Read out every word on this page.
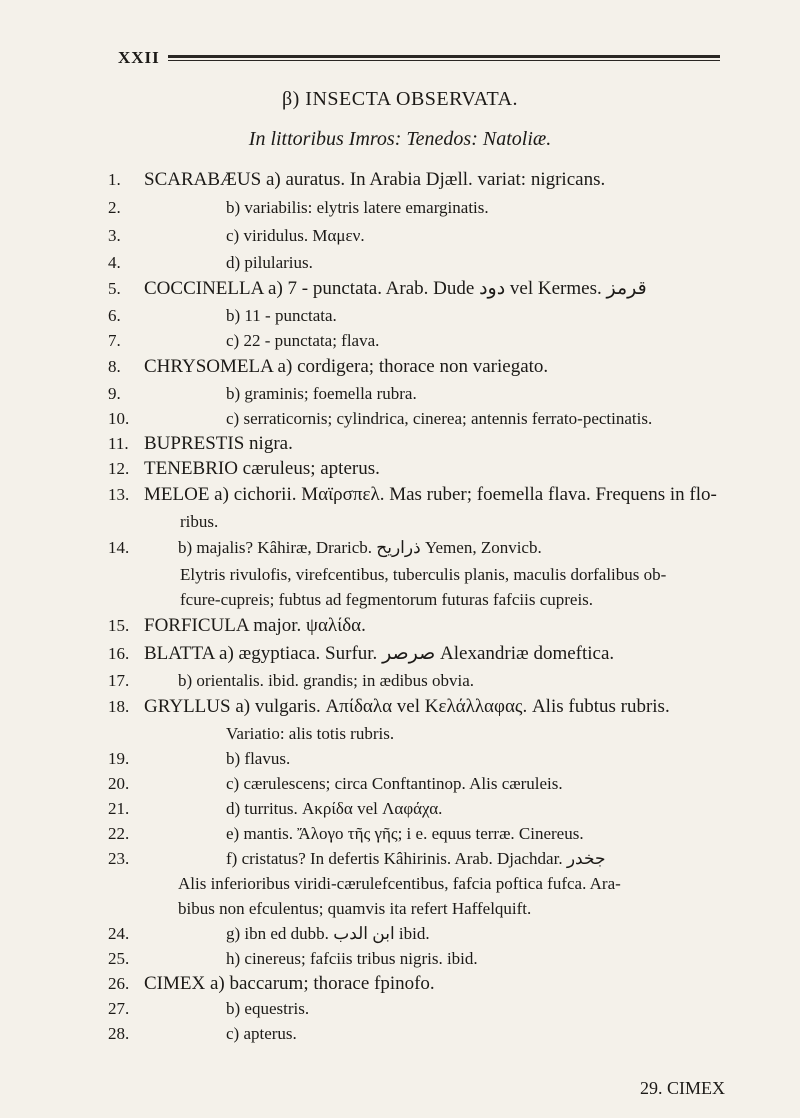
XXII
β) INSECTA OBSERVATA.
In littoribus Imros: Tenedos: Natoliæ.
1.	SCARABÆUS a) auratus. In Arabia Djæll. variat: nigricans.
2.	b) variabilis: elytris latere emarginatis.
3.	c) viridulus. Μαμεν.
4.	d) pilularius.
5.	COCCINELLA a) 7 - punctata. Arab. Dude دود vel Kermes. قرمز
6.	b) 11 - punctata.
7.	c) 22 - punctata; flava.
8.	CHRYSOMELA a) cordigera; thorace non variegato.
9.	b) graminis; foemella rubra.
10.	c) serraticornis; cylindrica, cinerea; antennis ferrato-pectinatis.
11. BUPRESTIS nigra.
12. TENEBRIO cæruleus; apterus.
13. MELOE a) cichorii. Μαϊρσπελ. Mas ruber; foemella flava. Frequens in flo-
ribus.
14.	b) majalis? Kâhiræ, Draricb. ذراريح Yemen, Zonvicb.
Elytris rivulofis, virefcentibus, tuberculis planis, maculis dorfalibus ob-
fcure-cupreis; fubtus ad fegmentorum futuras fafciis cupreis.
15. FORFICULA major. ψαλίδα.
16. BLATTA a) ægyptiaca. Surfur. صرصر Alexandriæ domeftica.
17.	b) orientalis. ibid. grandis; in ædibus obvia.
18. GRYLLUS a) vulgaris. Απίδαλα vel Κελάλλαφας. Alis fubtus rubris.
Variatio: alis totis rubris.
19.	b) flavus.
20.	c) cærulescens; circa Conftantinop. Alis cæruleis.
21.	d) turritus. Ακρίδα vel Λαφάχα.
22.	e) mantis. Ἄλογο τῆς γῆς; i e. equus terræ. Cinereus.
23.	f) cristatus? In defertis Kâhirinis. Arab. Djachdar. جخدر
Alis inferioribus viridi-cærulefcentibus, fafcia poftica fufca. Ara-
bibus non efculentus; quamvis ita refert Haffelquift.
24.	g) ibn ed dubb. ابن الدب ibid.
25.	h) cinereus; fafciis tribus nigris. ibid.
26. CIMEX a) baccarum; thorace fpinofo.
27.	b) equestris.
28.	c) apterus.
29. CIMEX
